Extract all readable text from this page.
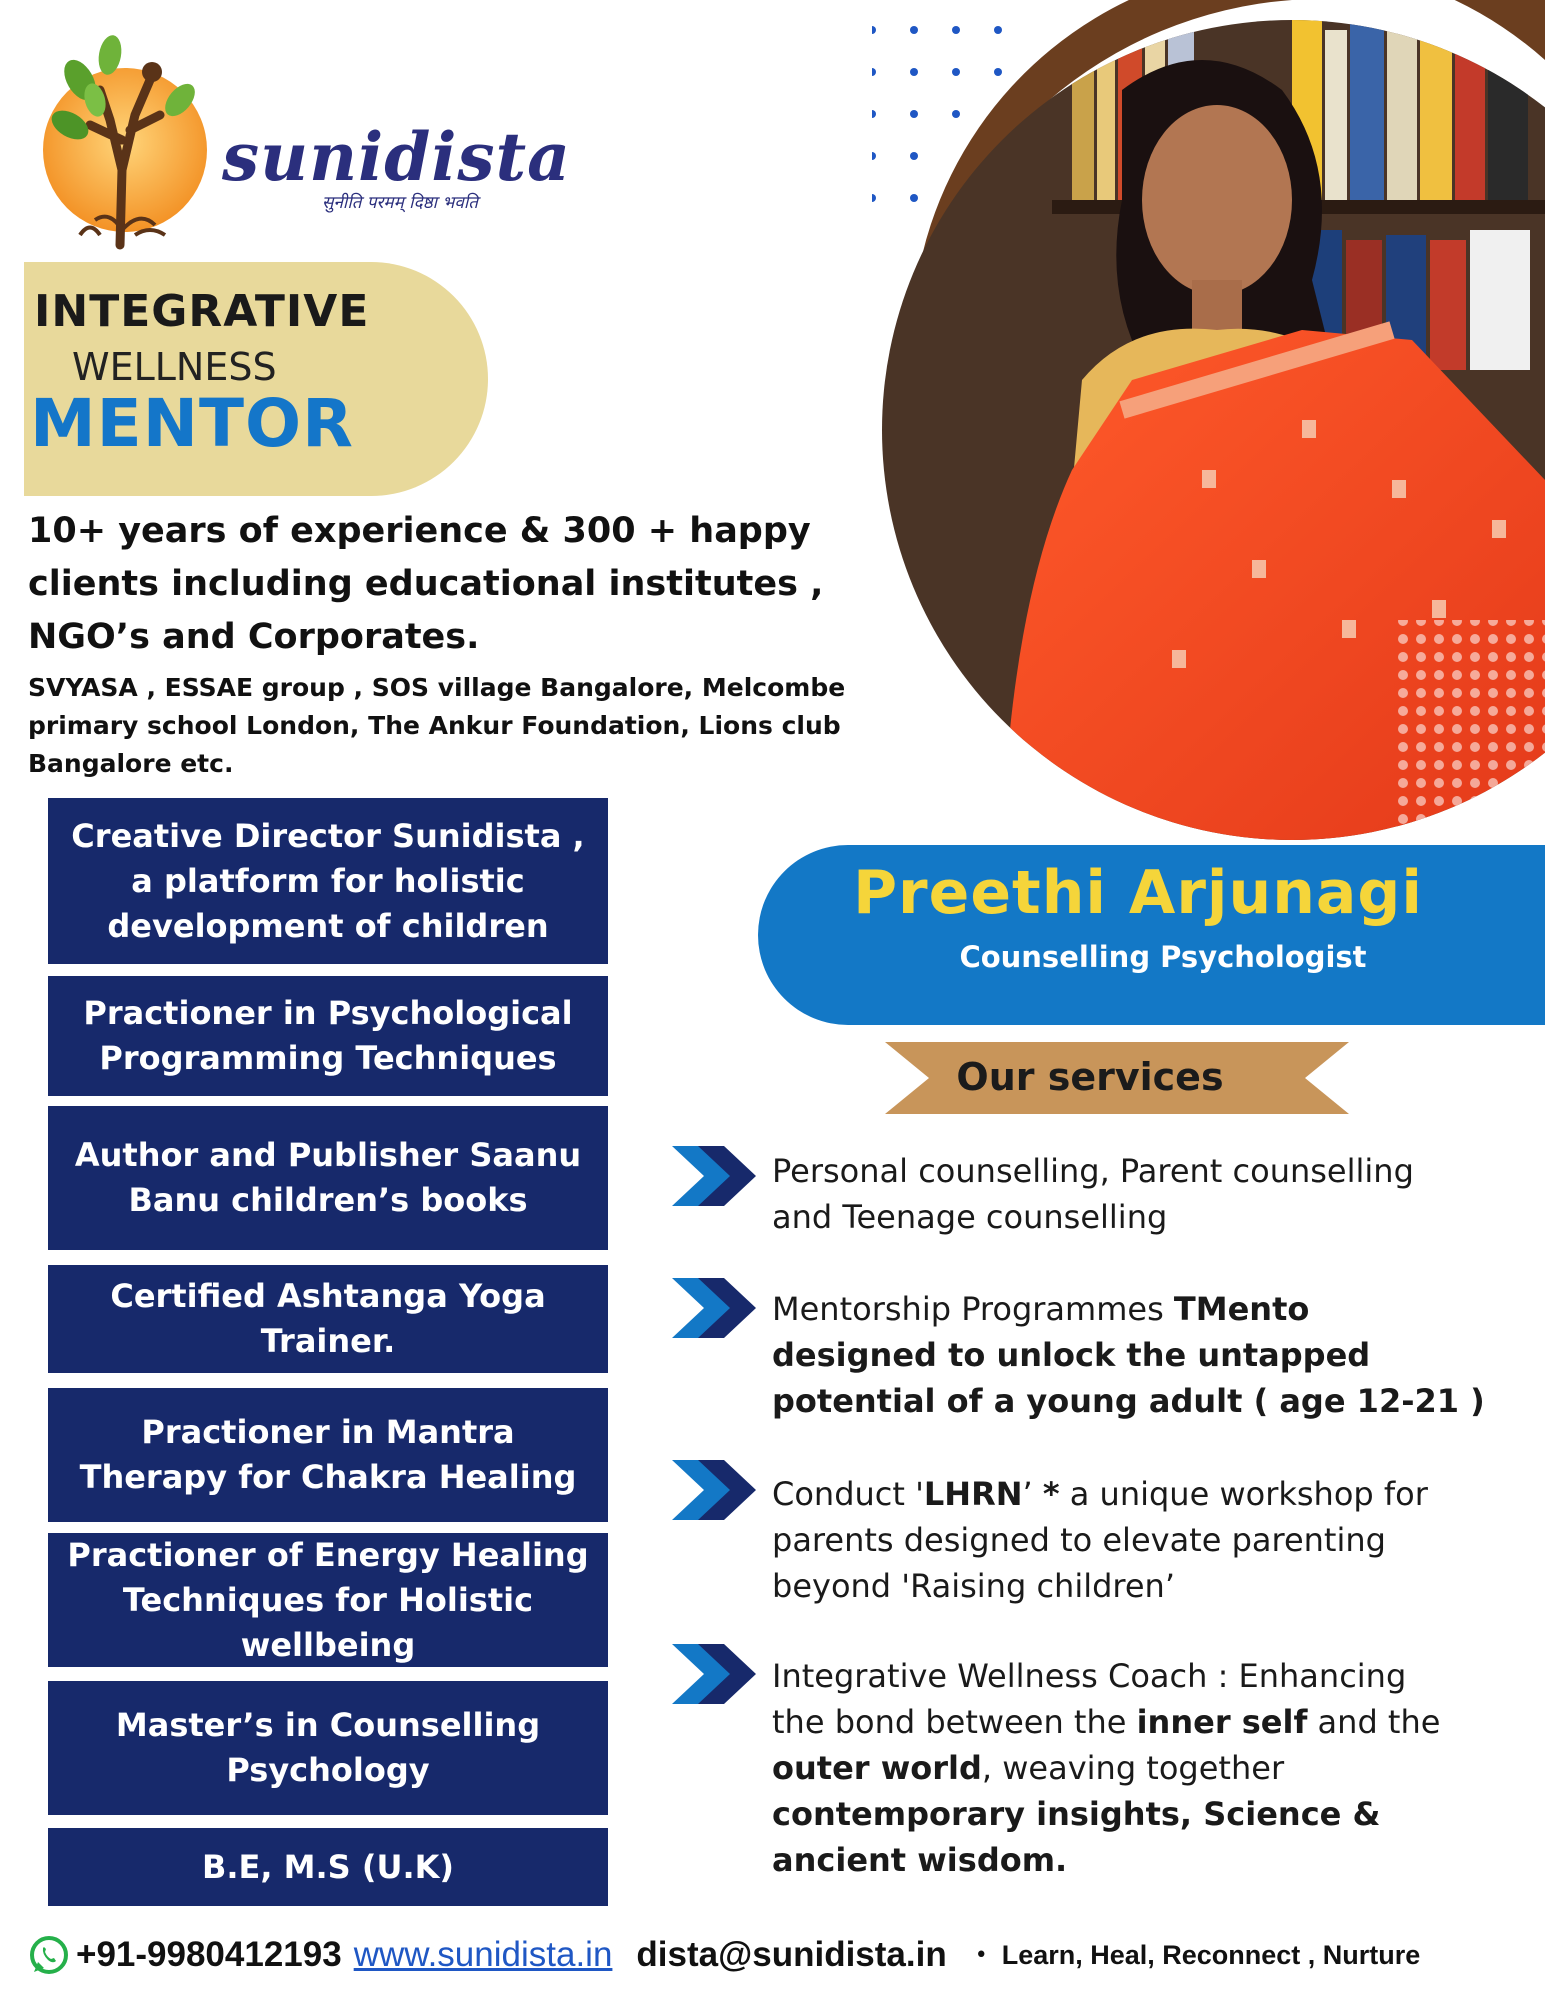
sunidista
सुनीति परमम् दिष्ठा भवति
INTEGRATIVE
WELLNESS
MENTOR
10+ years of experience & 300 + happy clients including educational institutes , NGO’s and Corporates.
SVYASA , ESSAE group , SOS village Bangalore, Melcombe primary school London, The Ankur Foundation, Lions club Bangalore etc.
Creative Director Sunidista ,
a platform for holistic
development of children
Practioner in Psychological
Programming Techniques
Author and Publisher Saanu
Banu children’s books
Certified Ashtanga Yoga
Trainer.
Practioner in Mantra
Therapy for Chakra Healing
Practioner of Energy Healing
Techniques for Holistic
wellbeing
Master’s in Counselling
Psychology
B.E, M.S (U.K)
Preethi Arjunagi
Counselling Psychologist
Our services
Personal counselling, Parent counselling
and Teenage counselling
Mentorship Programmes TMento
designed to unlock the untapped
potential of a young adult ( age 12-21 )
Conduct 'LHRN’ * a unique workshop for
parents designed to elevate parenting
beyond 'Raising children’
Integrative Wellness Coach : Enhancing
the bond between the inner self and the
outer world, weaving together
contemporary insights, Science &
ancient wisdom.
+91-9980412193 www.sunidista.in dista@sunidista.in • Learn, Heal, Reconnect , Nurture
